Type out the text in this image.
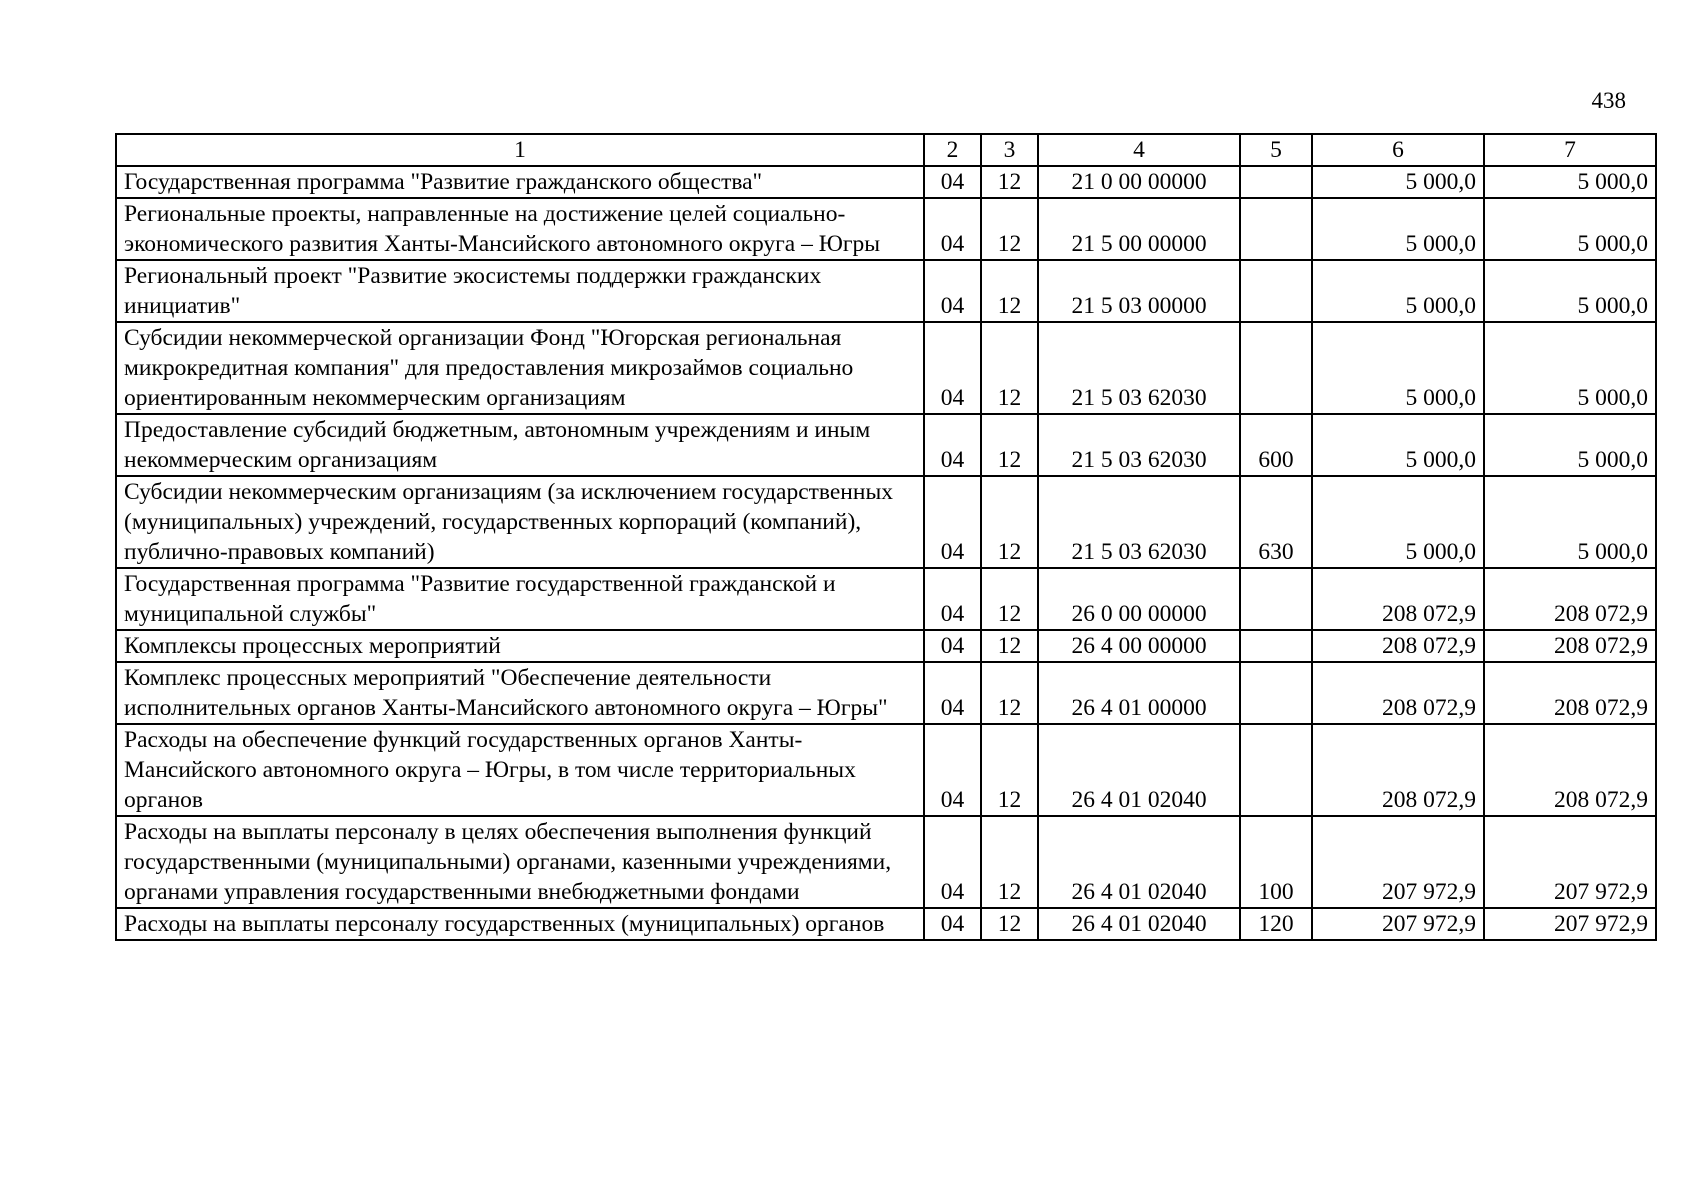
438
1	2	3	4	5	6	7
Государственная программа "Развитие гражданского общества"	04	12	21 0 00 00000		5 000,0	5 000,0
Региональные проекты, направленные на достижение целей социально-экономического развития Ханты-Мансийского автономного округа – Югры	04	12	21 5 00 00000		5 000,0	5 000,0
Региональный проект "Развитие экосистемы поддержки гражданских инициатив"	04	12	21 5 03 00000		5 000,0	5 000,0
Субсидии некоммерческой организации Фонд "Югорская региональная микрокредитная компания" для предоставления микрозаймов социально ориентированным некоммерческим организациям	04	12	21 5 03 62030		5 000,0	5 000,0
Предоставление субсидий бюджетным, автономным учреждениям и иным некоммерческим организациям	04	12	21 5 03 62030	600	5 000,0	5 000,0
Субсидии некоммерческим организациям (за исключением государственных (муниципальных) учреждений, государственных корпораций (компаний), публично-правовых компаний)	04	12	21 5 03 62030	630	5 000,0	5 000,0
Государственная программа "Развитие государственной гражданской и муниципальной службы"	04	12	26 0 00 00000		208 072,9	208 072,9
Комплексы процессных мероприятий	04	12	26 4 00 00000		208 072,9	208 072,9
Комплекс процессных мероприятий "Обеспечение деятельности исполнительных органов Ханты-Мансийского автономного округа – Югры"	04	12	26 4 01 00000		208 072,9	208 072,9
Расходы на обеспечение функций государственных органов Ханты-Мансийского автономного округа – Югры, в том числе территориальных органов	04	12	26 4 01 02040		208 072,9	208 072,9
Расходы на выплаты персоналу в целях обеспечения выполнения функций государственными (муниципальными) органами, казенными учреждениями, органами управления государственными внебюджетными фондами	04	12	26 4 01 02040	100	207 972,9	207 972,9
Расходы на выплаты персоналу государственных (муниципальных) органов	04	12	26 4 01 02040	120	207 972,9	207 972,9
